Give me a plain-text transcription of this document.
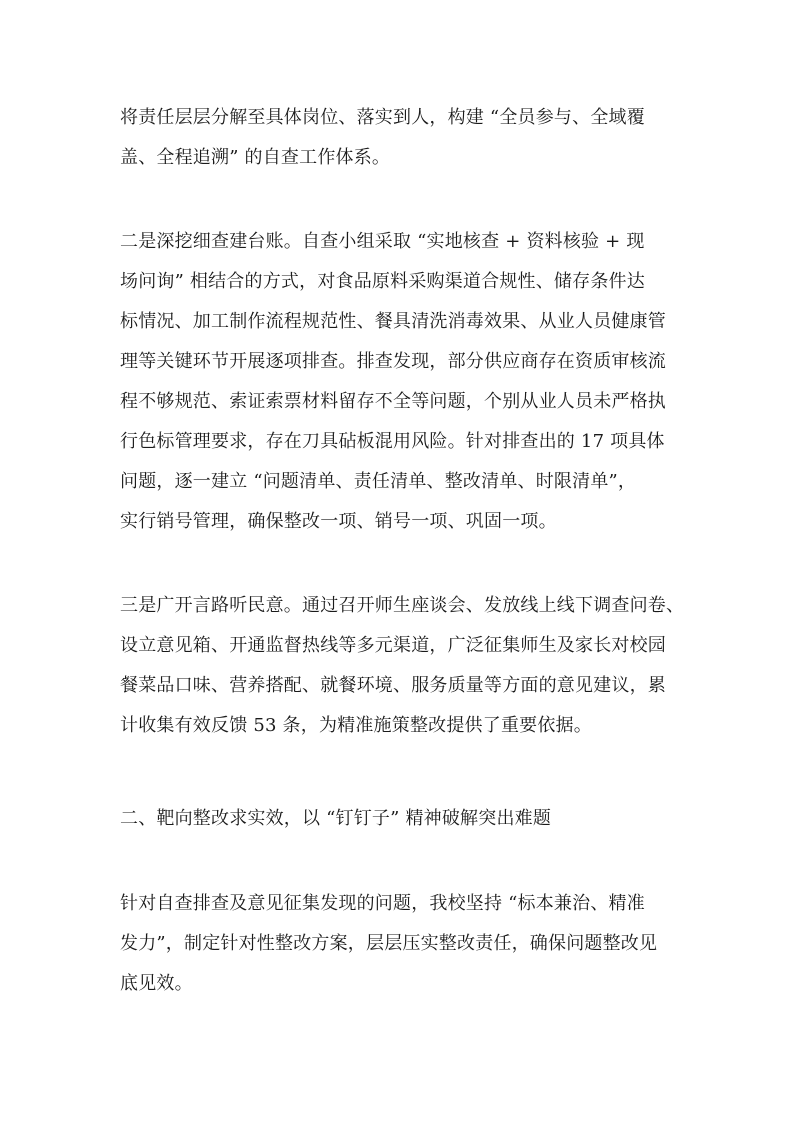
将责任层层分解至具体岗位、落实到人，构建 “全员参与、全域覆
盖、全程追溯” 的自查工作体系。
二是深挖细查建台账。自查小组采取 “实地核查 + 资料核验 + 现
场问询” 相结合的方式，对食品原料采购渠道合规性、储存条件达
标情况、加工制作流程规范性、餐具清洗消毒效果、从业人员健康管
理等关键环节开展逐项排查。排查发现，部分供应商存在资质审核流
程不够规范、索证索票材料留存不全等问题，个别从业人员未严格执
行色标管理要求，存在刀具砧板混用风险。针对排查出的 17 项具体
问题，逐一建立 “问题清单、责任清单、整改清单、时限清单”，
实行销号管理，确保整改一项、销号一项、巩固一项。
三是广开言路听民意。通过召开师生座谈会、发放线上线下调查问卷、
设立意见箱、开通监督热线等多元渠道，广泛征集师生及家长对校园
餐菜品口味、营养搭配、就餐环境、服务质量等方面的意见建议，累
计收集有效反馈 53 条，为精准施策整改提供了重要依据。
二、靶向整改求实效，以 “钉钉子” 精神破解突出难题
针对自查排查及意见征集发现的问题，我校坚持 “标本兼治、精准
发力”，制定针对性整改方案，层层压实整改责任，确保问题整改见
底见效。
